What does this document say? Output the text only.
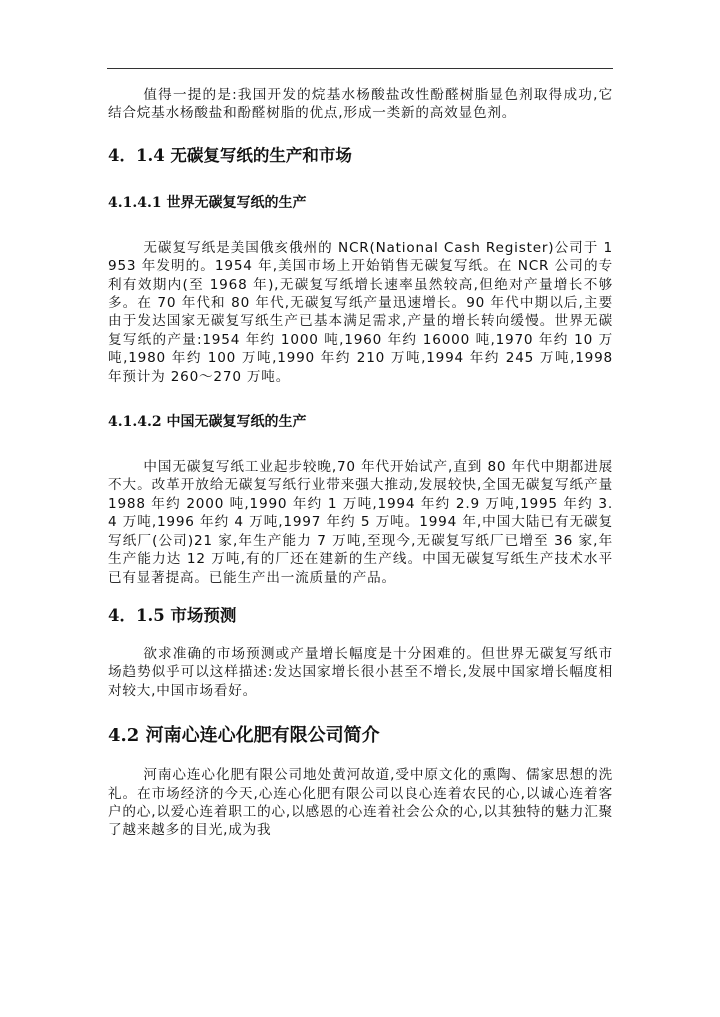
值得一提的是:我国开发的烷基水杨酸盐改性酚醛树脂显色剂取得成功,它结合烷基水杨酸盐和酚醛树脂的优点,形成一类新的高效显色剂。

4．1.4 无碳复写纸的生产和市场
4.1.4.1 世界无碳复写纸的生产

无碳复写纸是美国俄亥俄州的 NCR(National Cash Register)公司于 1953 年发明的。1954 年,美国市场上开始销售无碳复写纸。在 NCR 公司的专利有效期内(至 1968 年),无碳复写纸增长速率虽然较高,但绝对产量增长不够多。在 70 年代和 80 年代,无碳复写纸产量迅速增长。90 年代中期以后,主要由于发达国家无碳复写纸生产已基本满足需求,产量的增长转向缓慢。世界无碳复写纸的产量:1954 年约 1000 吨,1960 年约 16000 吨,1970 年约 10 万吨,1980 年约 100 万吨,1990 年约 210 万吨,1994 年约 245 万吨,1998 年预计为 260～270 万吨。

4.1.4.2 中国无碳复写纸的生产

中国无碳复写纸工业起步较晚,70 年代开始试产,直到 80 年代中期都进展不大。改革开放给无碳复写纸行业带来强大推动,发展较快,全国无碳复写纸产量 1988 年约 2000 吨,1990 年约 1 万吨,1994 年约 2.9 万吨,1995 年约 3.4 万吨,1996 年约 4 万吨,1997 年约 5 万吨。1994 年,中国大陆已有无碳复写纸厂(公司)21 家,年生产能力 7 万吨,至现今,无碳复写纸厂已增至 36 家,年生产能力达 12 万吨,有的厂还在建新的生产线。中国无碳复写纸生产技术水平已有显著提高。已能生产出一流质量的产品。

4．1.5 市场预测

欲求准确的市场预测或产量增长幅度是十分困难的。但世界无碳复写纸市场趋势似乎可以这样描述:发达国家增长很小甚至不增长,发展中国家增长幅度相对较大,中国市场看好。

4.2 河南心连心化肥有限公司简介

河南心连心化肥有限公司地处黄河故道,受中原文化的熏陶、儒家思想的洗礼。在市场经济的今天,心连心化肥有限公司以良心连着农民的心,以诚心连着客户的心,以爱心连着职工的心,以感恩的心连着社会公众的心,以其独特的魅力汇聚了越来越多的目光,成为我
